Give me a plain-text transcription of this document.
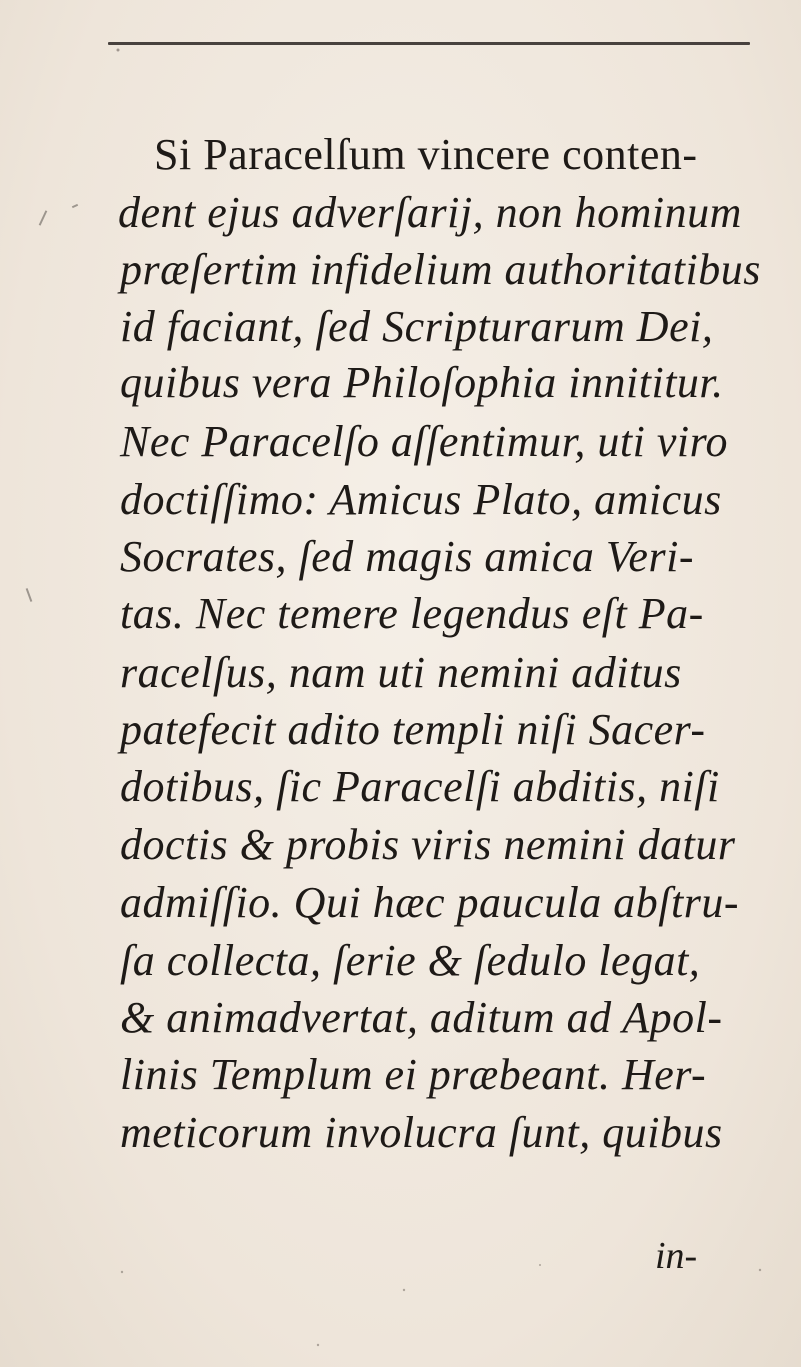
Si Paracelſum vincere conten-
dent ejus adverſarij, non hominum
præſertim infidelium authoritatibus
id faciant, ſed Scripturarum Dei,
quibus vera Philoſophia innititur.
Nec Paracelſo aſſentimur, uti viro
doctiſſimo: Amicus Plato, amicus
Socrates, ſed magis amica Veri-
tas. Nec temere legendus eſt Pa-
racelſus, nam uti nemini aditus
patefecit adito templi niſi Sacer-
dotibus, ſic Paracelſi abditis, niſi
doctis & probis viris nemini datur
admiſſio. Qui hæc paucula abſtru-
ſa collecta, ſerie & ſedulo legat,
& animadvertat, aditum ad Apol-
linis Templum ei præbeant. Her-
meticorum involucra ſunt, quibus
in-
